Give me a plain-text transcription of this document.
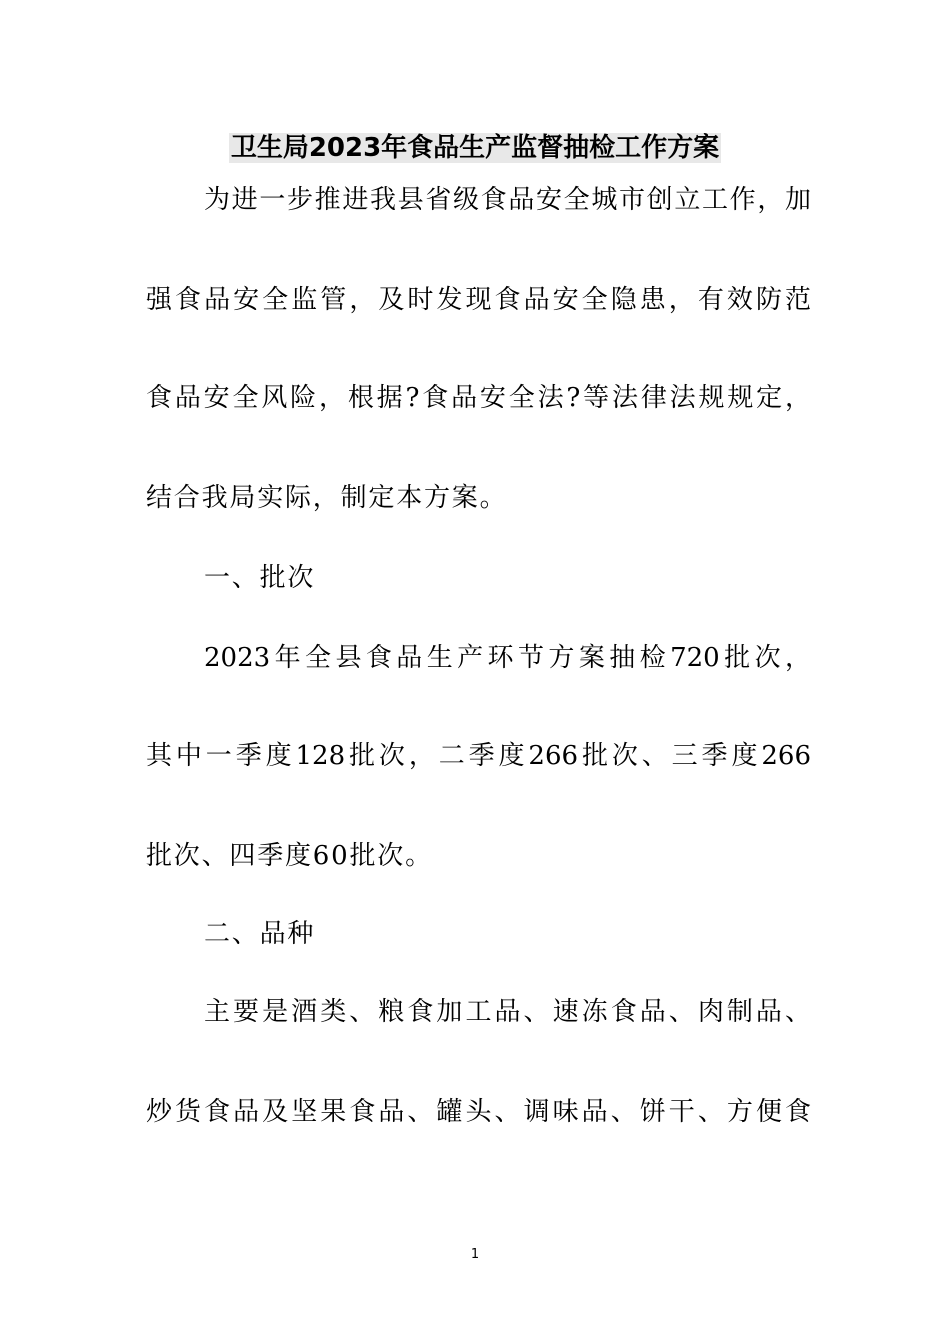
卫生局2023年食品生产监督抽检工作方案
为进一步推进我县省级食品安全城市创立工作，加
强食品安全监管，及时发现食品安全隐患，有效防范
食品安全风险，根据?食品安全法?等法律法规规定，
结合我局实际，制定本方案。
一、批次
2023年全县食品生产环节方案抽检720批次，
其中一季度128批次，二季度266批次、三季度266
批次、四季度60批次。
二、品种
主要是酒类、粮食加工品、速冻食品、肉制品、
炒货食品及坚果食品、罐头、调味品、饼干、方便食
1
